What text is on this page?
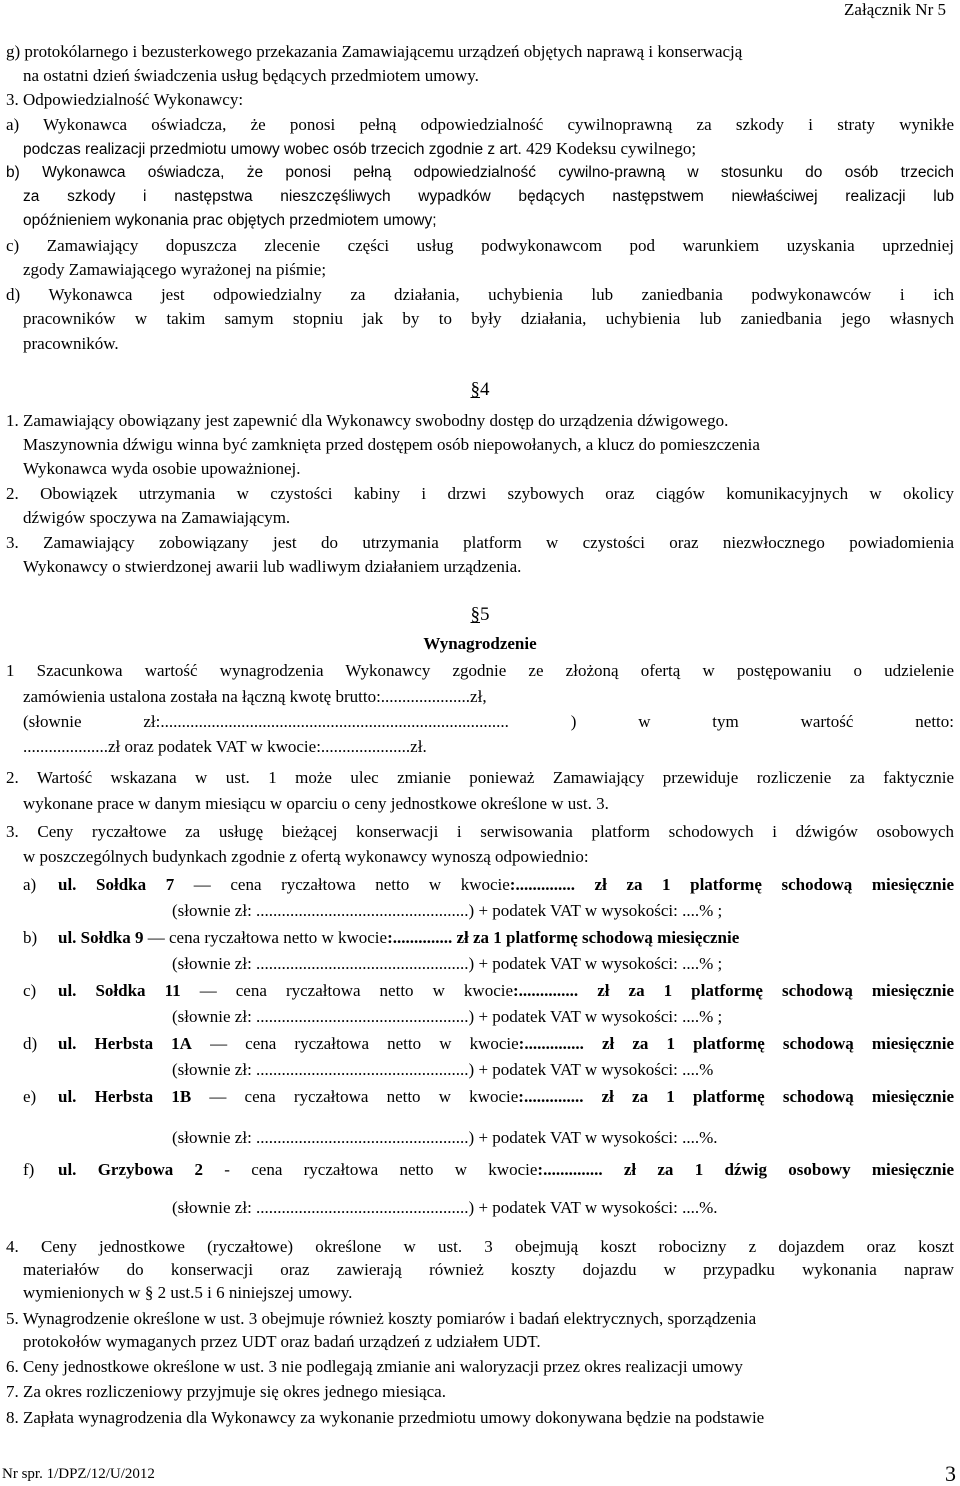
Załącznik Nr 5
g) protokólarnego i bezusterkowego przekazania Zamawiającemu urządzeń objętych naprawą i konserwacją
na ostatni dzień świadczenia usług będących przedmiotem umowy.
3. Odpowiedzialność Wykonawcy:
a) Wykonawca oświadcza, że ponosi pełną odpowiedzialność cywilnoprawną za szkody i straty wynikłe
podczas realizacji przedmiotu umowy wobec osób trzecich zgodnie z art. 429 Kodeksu cywilnego;
b) Wykonawca oświadcza, że ponosi pełną odpowiedzialność cywilno-prawną w stosunku do osób trzecich
za szkody i następstwa nieszczęśliwych wypadków będących następstwem niewłaściwej realizacji lub
opóźnieniem wykonania prac objętych przedmiotem umowy;
c) Zamawiający dopuszcza zlecenie części usług podwykonawcom pod warunkiem uzyskania uprzedniej
zgody Zamawiającego wyrażonej na piśmie;
d) Wykonawca jest odpowiedzialny za działania, uchybienia lub zaniedbania podwykonawców i ich
pracowników w takim samym stopniu jak by to były działania, uchybienia lub zaniedbania jego własnych
pracowników.
§4
1. Zamawiający obowiązany jest zapewnić dla Wykonawcy swobodny dostęp do urządzenia dźwigowego.
Maszynownia dźwigu winna być zamknięta przed dostępem osób niepowołanych, a klucz do pomieszczenia
Wykonawca wyda osobie upoważnionej.
2. Obowiązek utrzymania w czystości kabiny i drzwi szybowych oraz ciągów komunikacyjnych w okolicy
dźwigów spoczywa na Zamawiającym.
3. Zamawiający zobowiązany jest do utrzymania platform w czystości oraz niezwłocznego powiadomienia
Wykonawcy o stwierdzonej awarii lub wadliwym działaniem urządzenia.
§5
Wynagrodzenie
1 Szacunkowa wartość wynagrodzenia Wykonawcy zgodnie ze złożoną ofertą w postępowaniu o udzielenie
zamówienia ustalona została na łączną kwotę brutto:.....................zł,
(słownie zł:.................................................................................. ) w tym wartość netto:
....................zł oraz podatek VAT w kwocie:.....................zł.
2. Wartość wskazana w ust. 1 może ulec zmianie ponieważ Zamawiający przewiduje rozliczenie za faktycznie
wykonane prace w danym miesiącu w oparciu o ceny jednostkowe określone w ust. 3.
3. Ceny ryczałtowe za usługę bieżącej konserwacji i serwisowania platform schodowych i dźwigów osobowych
w poszczególnych budynkach zgodnie z ofertą wykonawcy wynoszą odpowiednio:
a) ul. Sołdka 7 — cena ryczałtowa netto w kwocie:.............. zł za 1 platformę schodową miesięcznie
(słownie zł: ..................................................) + podatek VAT w wysokości: ....% ;
b) ul. Sołdka 9 — cena ryczałtowa netto w kwocie:.............. zł za 1 platformę schodową miesięcznie
(słownie zł: ..................................................) + podatek VAT w wysokości: ....% ;
c) ul. Sołdka 11 — cena ryczałtowa netto w kwocie:.............. zł za 1 platformę schodową miesięcznie
(słownie zł: ..................................................) + podatek VAT w wysokości: ....% ;
d) ul. Herbsta 1A — cena ryczałtowa netto w kwocie:.............. zł za 1 platformę schodową miesięcznie
(słownie zł: ..................................................) + podatek VAT w wysokości: ....%
e) ul. Herbsta 1B — cena ryczałtowa netto w kwocie:.............. zł za 1 platformę schodową miesięcznie
(słownie zł: ..................................................) + podatek VAT w wysokości: ....%.
f) ul. Grzybowa 2 - cena ryczałtowa netto w kwocie:.............. zł za 1 dźwig osobowy miesięcznie
(słownie zł: ..................................................) + podatek VAT w wysokości: ....%.
4. Ceny jednostkowe (ryczałtowe) określone w ust. 3 obejmują koszt robocizny z dojazdem oraz koszt
materiałów do konserwacji oraz zawierają również koszty dojazdu w przypadku wykonania napraw
wymienionych w § 2 ust.5 i 6 niniejszej umowy.
5. Wynagrodzenie określone w ust. 3 obejmuje również koszty pomiarów i badań elektrycznych, sporządzenia
protokołów wymaganych przez UDT oraz badań urządzeń z udziałem UDT.
6. Ceny jednostkowe określone w ust. 3 nie podlegają zmianie ani waloryzacji przez okres realizacji umowy
7. Za okres rozliczeniowy przyjmuje się okres jednego miesiąca.
8. Zapłata wynagrodzenia dla Wykonawcy za wykonanie przedmiotu umowy dokonywana będzie na podstawie
Nr spr. 1/DPZ/12/U/2012	3
